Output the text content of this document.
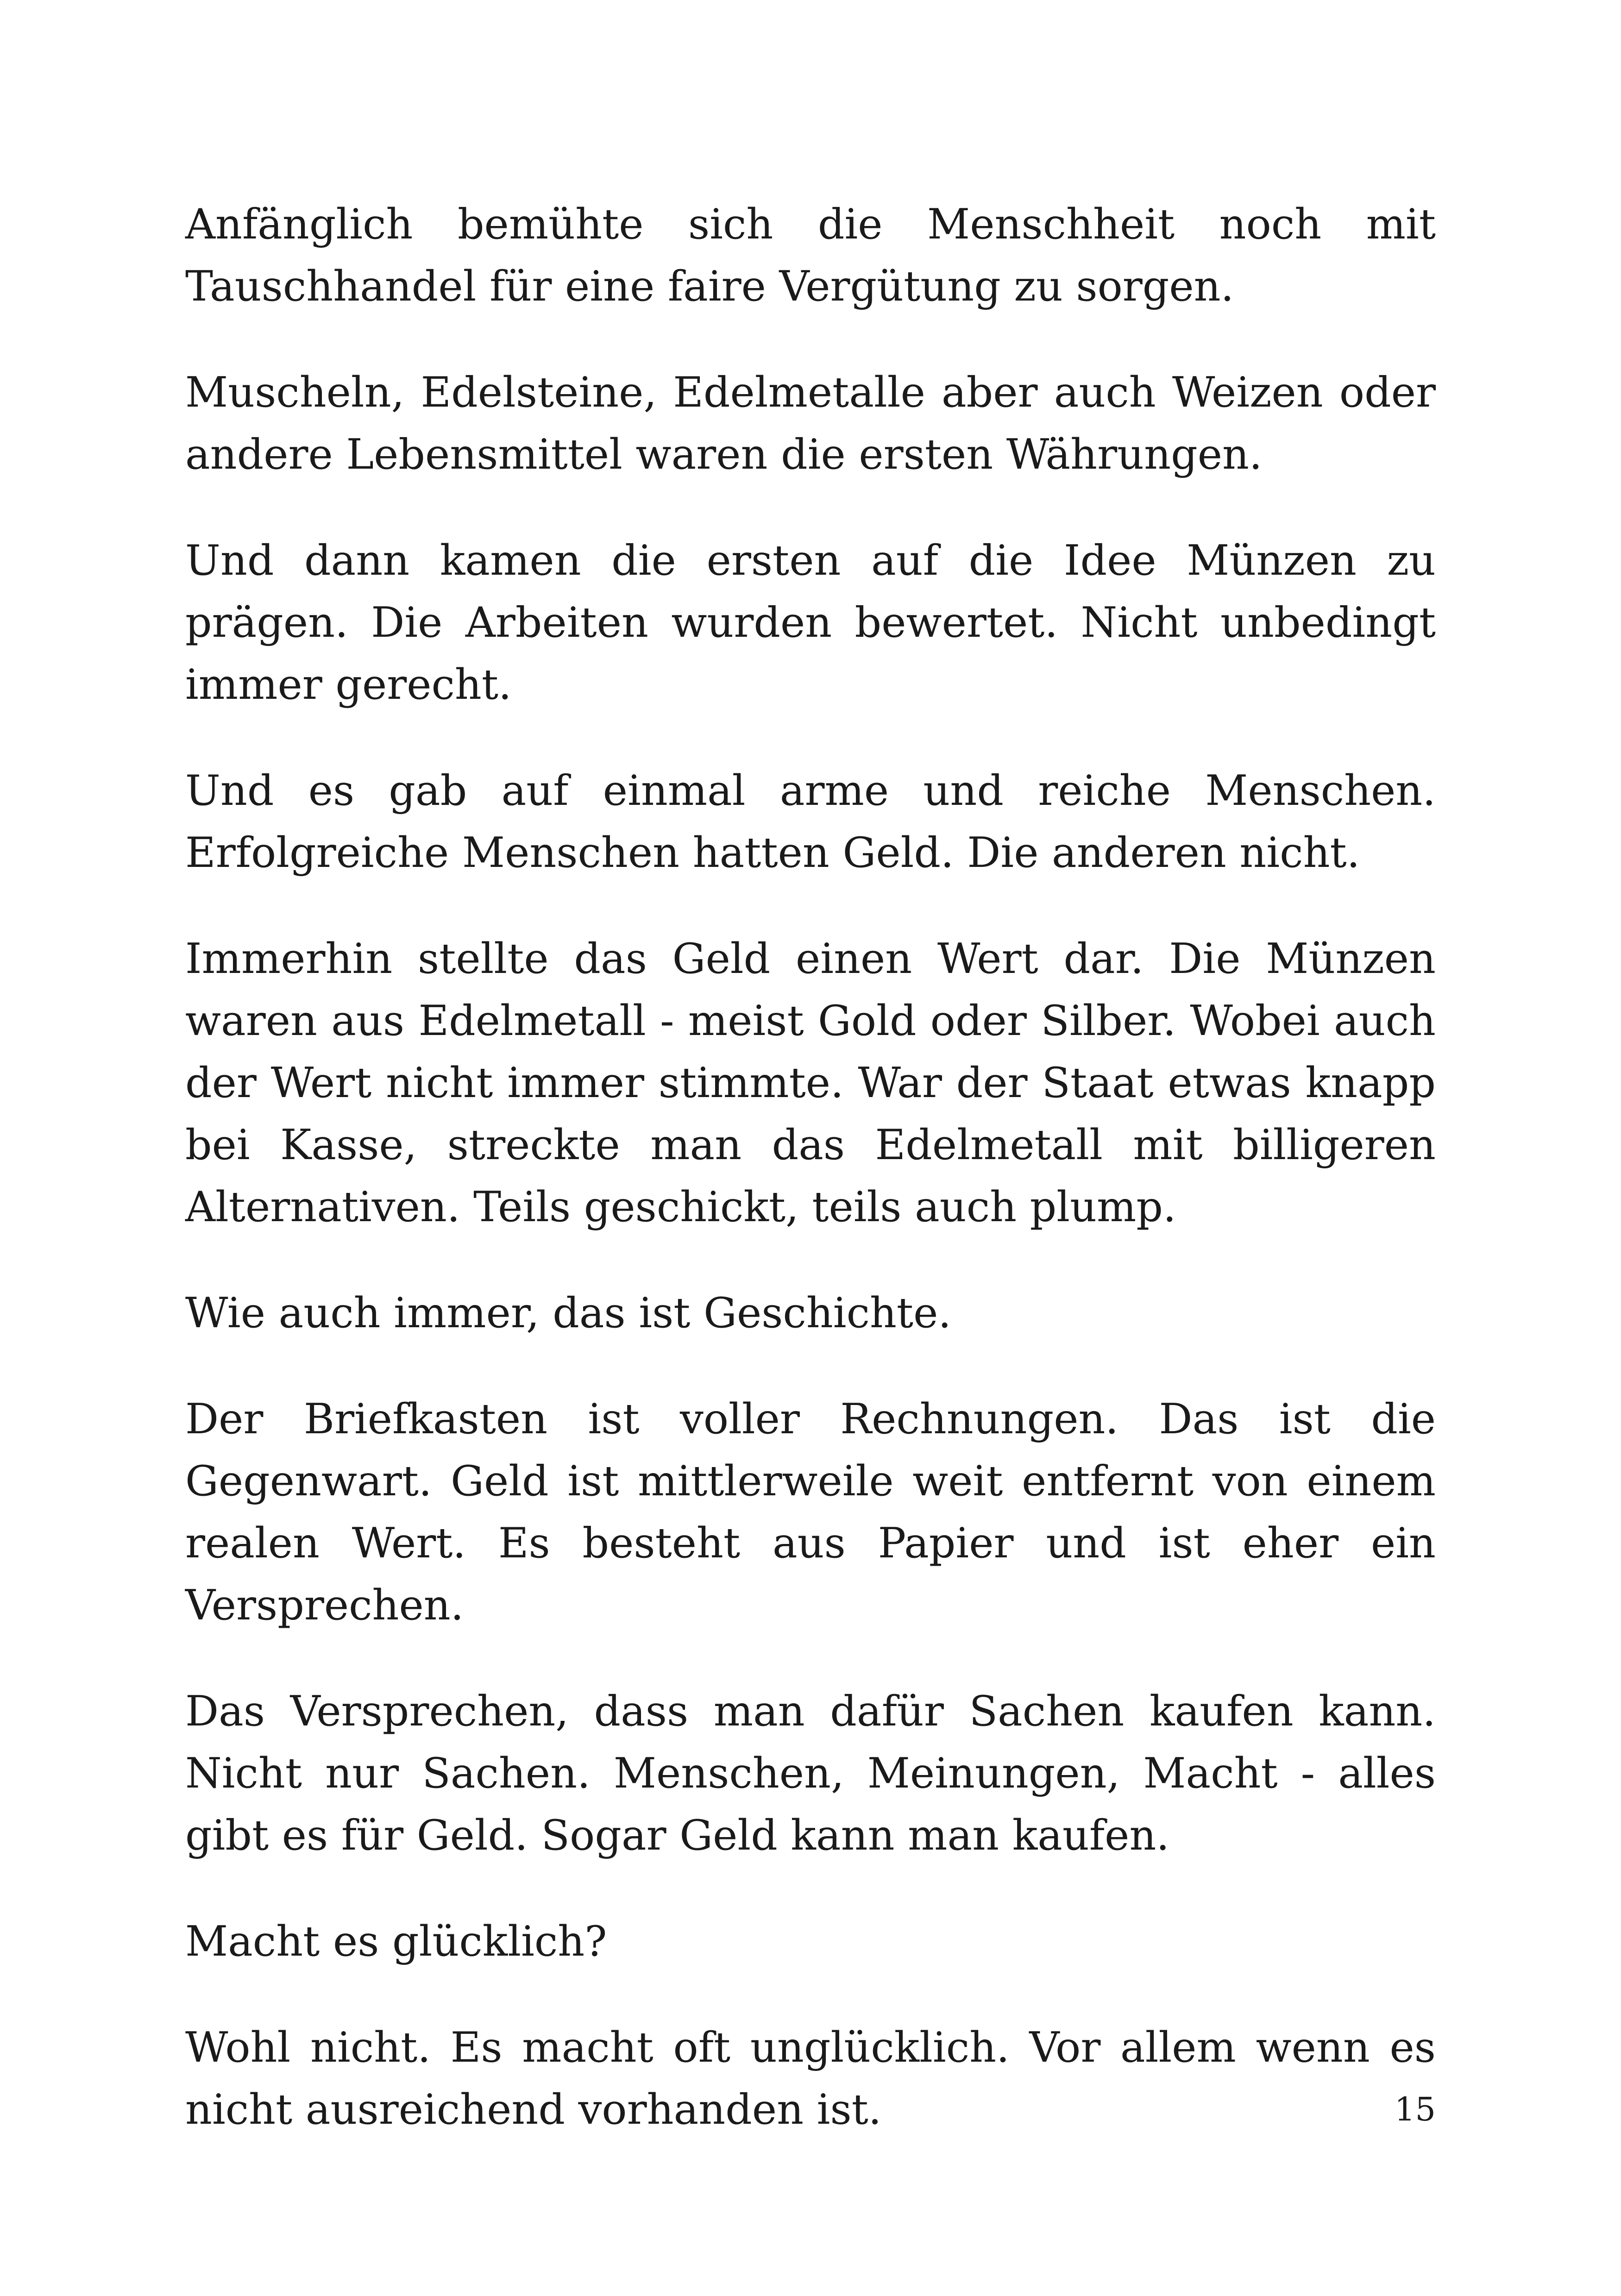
Anfänglich bemühte sich die Menschheit noch mit Tauschhandel für eine faire Vergütung zu sorgen.

Muscheln, Edelsteine, Edelmetalle aber auch Weizen oder andere Lebensmittel waren die ersten Währungen.

Und dann kamen die ersten auf die Idee Münzen zu prägen. Die Arbeiten wurden bewertet. Nicht unbedingt immer gerecht.

Und es gab auf einmal arme und reiche Menschen. Erfolgreiche Menschen hatten Geld. Die anderen nicht.

Immerhin stellte das Geld einen Wert dar. Die Münzen waren aus Edelmetall - meist Gold oder Silber. Wobei auch der Wert nicht immer stimmte. War der Staat etwas knapp bei Kasse, streckte man das Edelmetall mit billigeren Alternativen. Teils geschickt, teils auch plump.

Wie auch immer, das ist Geschichte.

Der Briefkasten ist voller Rechnungen. Das ist die Gegenwart. Geld ist mittlerweile weit entfernt von einem realen Wert. Es besteht aus Papier und ist eher ein Versprechen.

Das Versprechen, dass man dafür Sachen kaufen kann. Nicht nur Sachen. Menschen, Meinungen, Macht - alles gibt es für Geld. Sogar Geld kann man kaufen.

Macht es glücklich?

Wohl nicht. Es macht oft unglücklich. Vor allem wenn es nicht ausreichend vorhanden ist.	15
